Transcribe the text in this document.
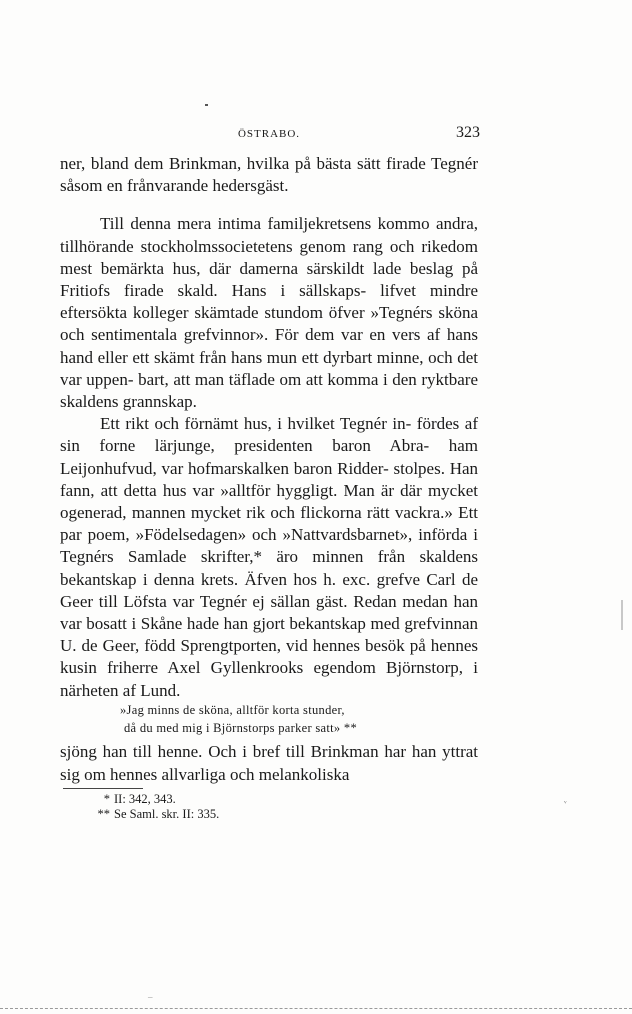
ᵛ
ÖSTRABO.	323

ner, bland dem Brinkman, hvilka på bästa sätt firade Tegnér såsom en frånvarande hedersgäst.

Till denna mera intima familjekretsens kommo andra, tillhörande stockholmssocietetens genom rang och rikedom mest bemärkta hus, där damerna särskildt lade beslag på Fritiofs firade skald. Hans i sällskaps- lifvet mindre eftersökta kolleger skämtade stundom öfver »Tegnérs sköna och sentimentala grefvinnor». För dem var en vers af hans hand eller ett skämt från hans mun ett dyrbart minne, och det var uppen- bart, att man täflade om att komma i den ryktbare skaldens grannskap.

Ett rikt och förnämt hus, i hvilket Tegnér in- fördes af sin forne lärjunge, presidenten baron Abra- ham Leijonhufvud, var hofmarskalken baron Ridder- stolpes. Han fann, att detta hus var »alltför hyggligt. Man är där mycket ogenerad, mannen mycket rik och flickorna rätt vackra.» Ett par poem, »Födelsedagen» och »Nattvardsbarnet», införda i Tegnérs Samlade skrifter,* äro minnen från skaldens bekantskap i denna krets. Äfven hos h. exc. grefve Carl de Geer till Löfsta var Tegnér ej sällan gäst. Redan medan han var bosatt i Skåne hade han gjort bekantskap med grefvinnan U. de Geer, född Sprengtporten, vid hennes besök på hennes kusin friherre Axel Gyllenkrooks egendom Björnstorp, i närheten af Lund.

»Jag minns de sköna, alltför korta stunder,
då du med mig i Björnstorps parker satt» **
sjöng han till henne. Och i bref till Brinkman har han yttrat sig om hennes allvarliga och melankoliska
* II: 342, 343.
** Se Saml. skr. II: 335.
¯
